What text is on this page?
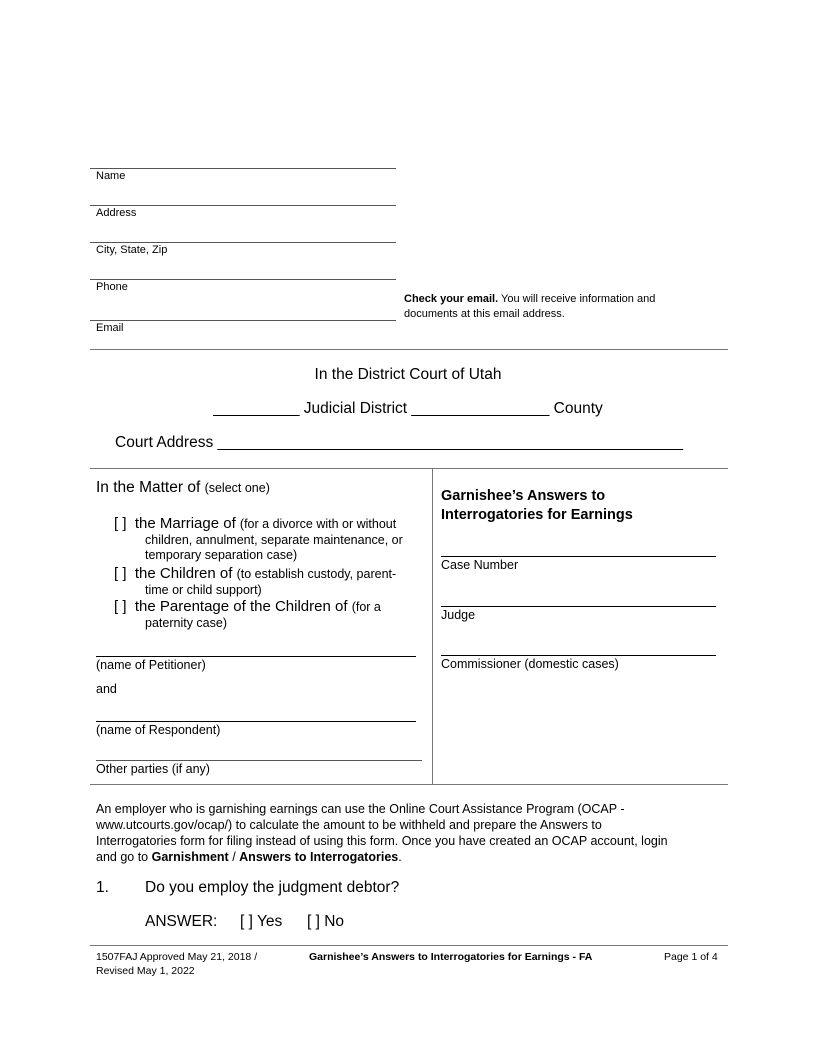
Name
Address
City, State, Zip
Phone
Email
Check your email. You will receive information and
documents at this email address.
In the District Court of Utah
__________ Judicial District ________________ County
Court Address ______________________________________________________
In the Matter of (select one)
[ ] the Marriage of (for a divorce with or without
children, annulment, separate maintenance, or
temporary separation case)
[ ] the Children of (to establish custody, parent-
time or child support)
[ ] the Parentage of the Children of (for a
paternity case)
(name of Petitioner)
and
(name of Respondent)
Other parties (if any)
Garnishee’s Answers to
Interrogatories for Earnings
Case Number
Judge
Commissioner (domestic cases)
An employer who is garnishing earnings can use the Online Court Assistance Program (OCAP -
www.utcourts.gov/ocap/) to calculate the amount to be withheld and prepare the Answers to
Interrogatories form for filing instead of using this form. Once you have created an OCAP account, login
and go to Garnishment / Answers to Interrogatories.
1. Do you employ the judgment debtor?
ANSWER: [ ] Yes [ ] No
1507FAJ Approved May 21, 2018 /
Revised May 1, 2022
Garnishee’s Answers to Interrogatories for Earnings - FA	Page 1 of 4
